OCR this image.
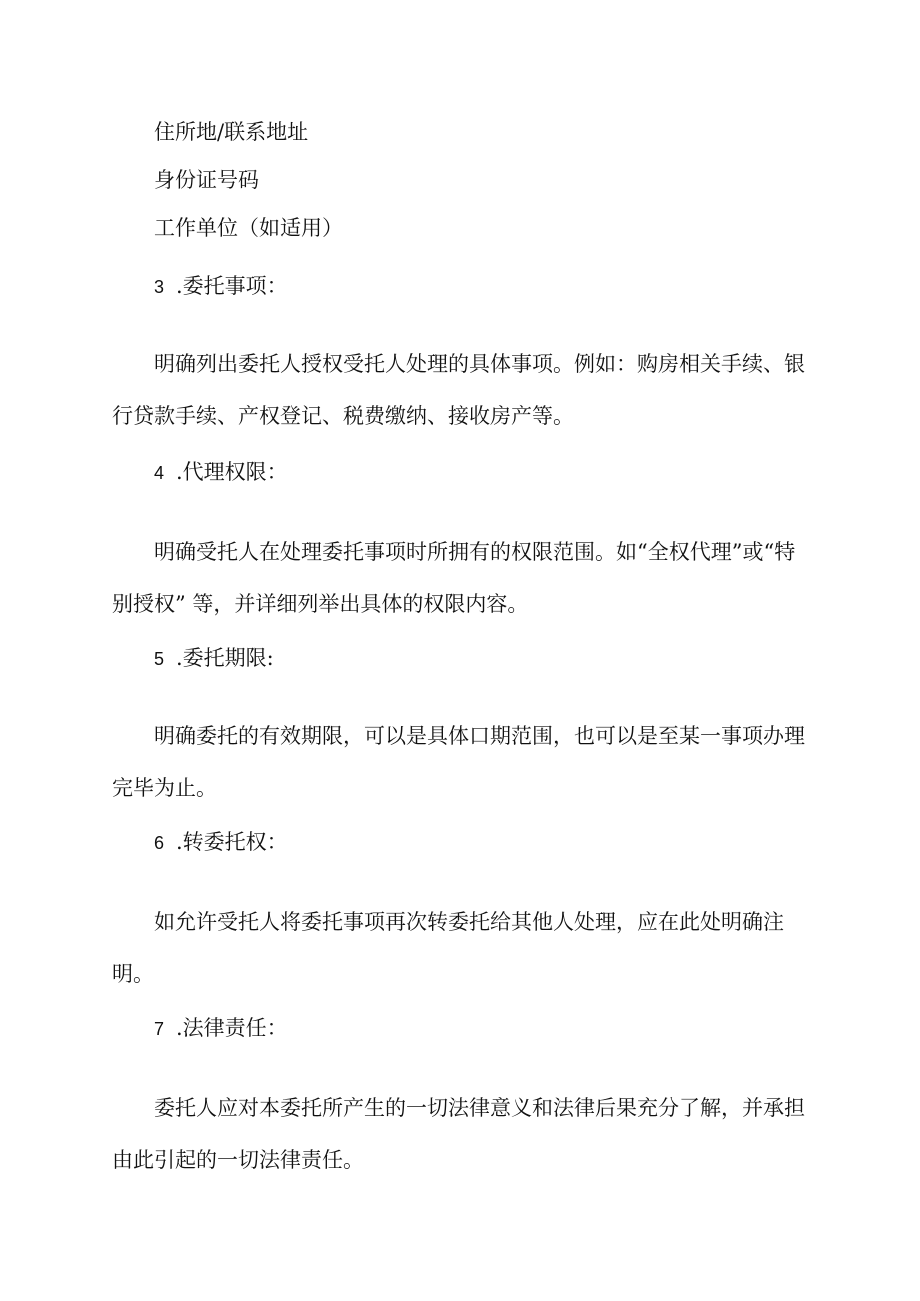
住所地/联系地址
身份证号码
工作单位（如适用）
3 .委托事项：
明确列出委托人授权受托人处理的具体事项。例如：购房相关手续、银行贷款手续、产权登记、税费缴纳、接收房产等。
4 .代理权限：
明确受托人在处理委托事项时所拥有的权限范围。如“全权代理”或“特别授权” 等，并详细列举出具体的权限内容。
5 .委托期限:
明确委托的有效期限，可以是具体口期范围，也可以是至某一事项办理完毕为止。
6 .转委托权：
如允许受托人将委托事项再次转委托给其他人处理，应在此处明确注明。
7 .法律责任：
委托人应对本委托所产生的一切法律意义和法律后果充分了解，并承担由此引起的一切法律责任。
